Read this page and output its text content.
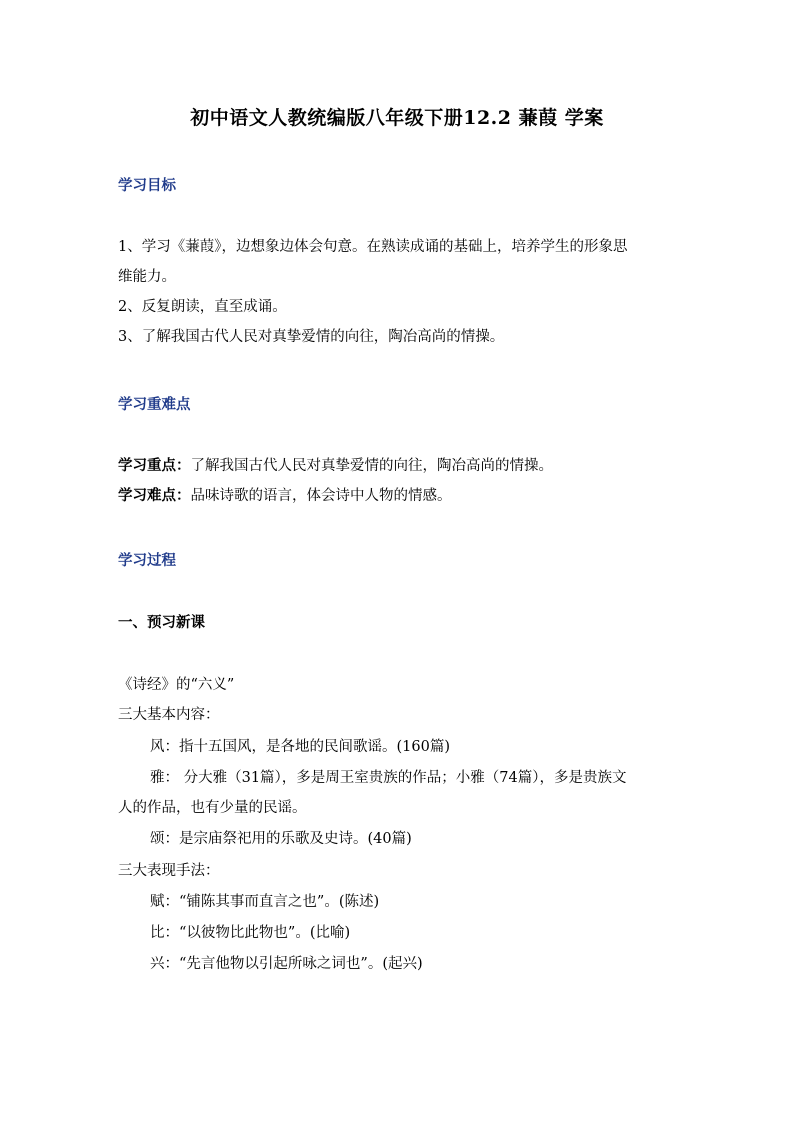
初中语文人教统编版八年级下册12.2 蒹葭 学案
学习目标
1、学习《蒹葭》，边想象边体会句意。在熟读成诵的基础上，培养学生的形象思
维能力。
2、反复朗读，直至成诵。
3、了解我国古代人民对真挚爱情的向往，陶冶高尚的情操。
学习重难点
学习重点：了解我国古代人民对真挚爱情的向往，陶冶高尚的情操。
学习难点：品味诗歌的语言，体会诗中人物的情感。
学习过程
一、预习新课
《诗经》的“六义”
三大基本内容：
风：指十五国风，是各地的民间歌谣。(160篇)
雅： 分大雅（31篇），多是周王室贵族的作品；小雅（74篇），多是贵族文
人的作品，也有少量的民谣。
颂：是宗庙祭祀用的乐歌及史诗。(40篇)
三大表现手法：
赋：“铺陈其事而直言之也”。(陈述)
比：“以彼物比此物也”。(比喻)
兴：“先言他物以引起所咏之词也”。(起兴)
